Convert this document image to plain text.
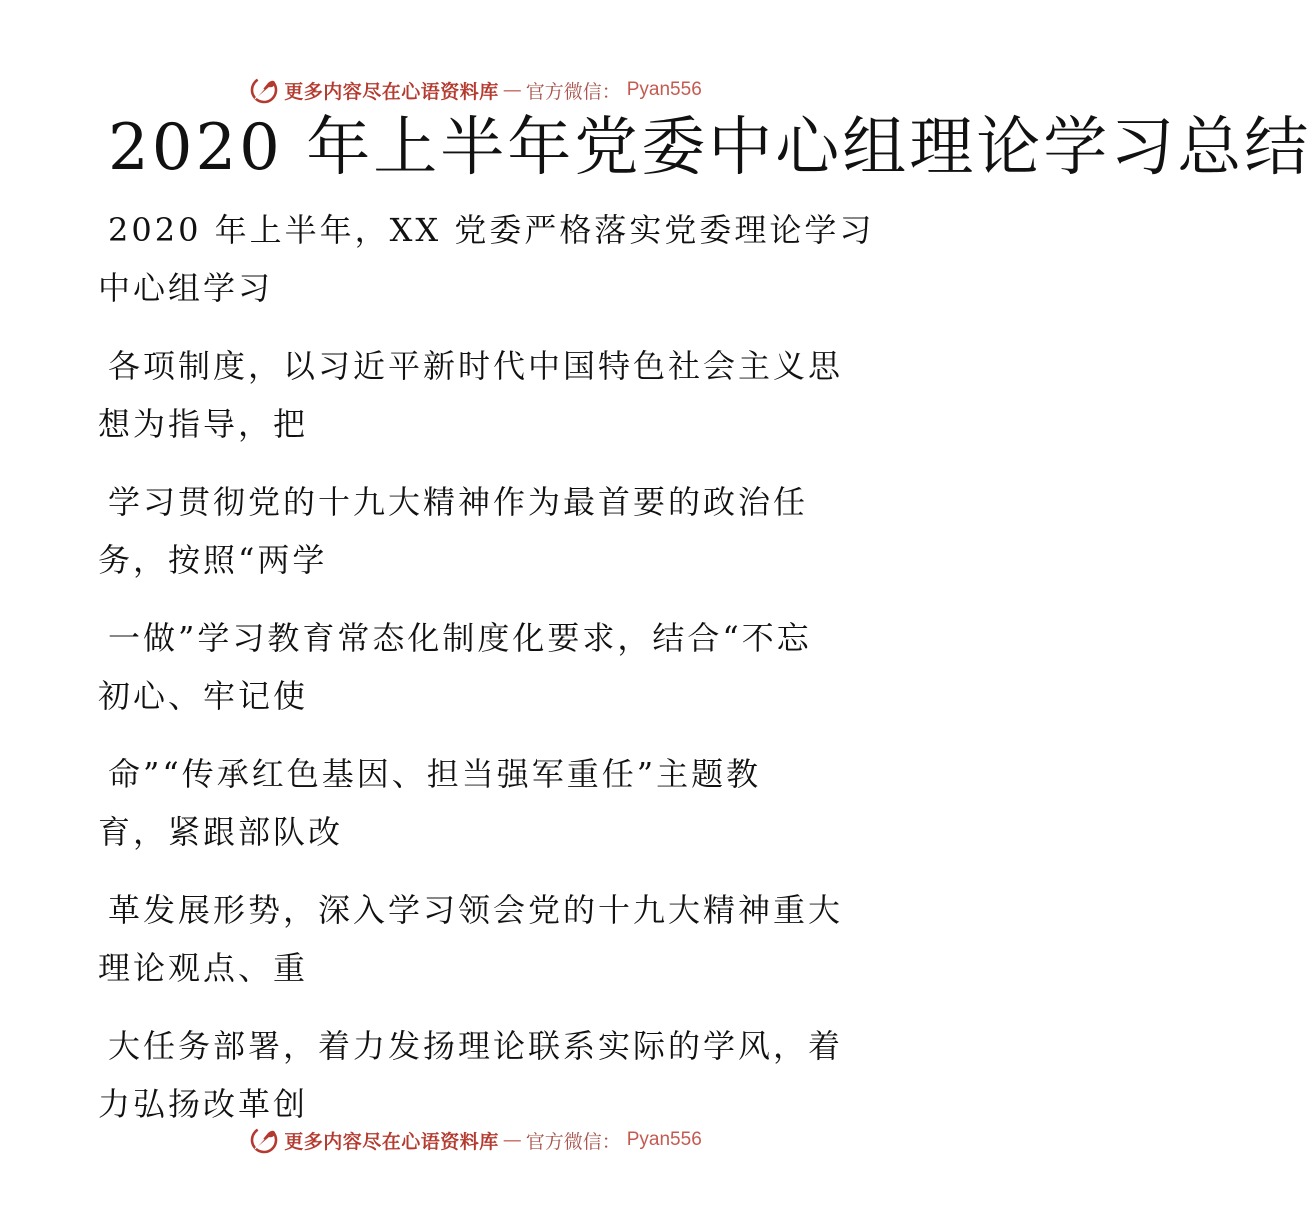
更多内容尽在心语资料库 — 官方微信： Pyan556
2020 年上半年党委中心组理论学习总结

2020 年上半年，XX 党委严格落实党委理论学习
中心组学习

各项制度，以习近平新时代中国特色社会主义思
想为指导，把

学习贯彻党的十九大精神作为最首要的政治任
务，按照“两学

一做”学习教育常态化制度化要求，结合“不忘
初心、牢记使

命”“传承红色基因、担当强军重任”主题教
育，紧跟部队改

革发展形势，深入学习领会党的十九大精神重大
理论观点、重

大任务部署，着力发扬理论联系实际的学风，着
力弘扬改革创

更多内容尽在心语资料库 — 官方微信： Pyan556
